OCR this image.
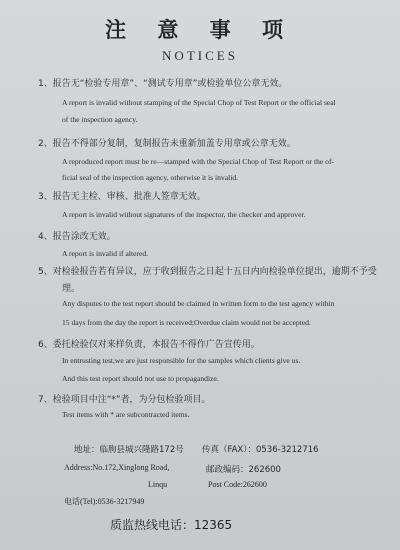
注 意 事 项
NOTICES
1、报告无“检验专用章”、“测试专用章”或检验单位公章无效。
A report is invalid without stamping of the Special Chop of Test Report or the official seal
of the inspection agency.
2、报告不得部分复制，复制报告未重新加盖专用章或公章无效。
A reproduced report must be re—stamped with the Special Chop of Test Report or the of-
ficial seal of the inspection agency, otherwise it is invalid.
3、报告无主检、审核、批准人签章无效。
A report is invalid without signatures of the inspector, the checker and approver.
4、报告涂改无效。
A report is invalid if altered.
5、对检验报告若有异议，应于收到报告之日起十五日内向检验单位提出，逾期不予受
理。
Any disputes to the test report should be claimed in written form to the test agency within
15 days from the day the report is received;Overdue claim would not be accepted.
6、委托检验仅对来样负责，本报告不得作广告宣传用。
In entrusting test,we are just responsible for the samples which clients give us.
And this test report should not use to propagandize.
7、检验项目中注“*”者，为分包检验项目。
Test items with * are subcontracted items.
地址：临朐县城兴隆路172号 传真（FAX）：0536-3212716
Address:No.172,Xinglong Road,	邮政编码：262600
Linqu	Post Code:262600
电话(Tel):0536-3217949
质监热线电话：12365
